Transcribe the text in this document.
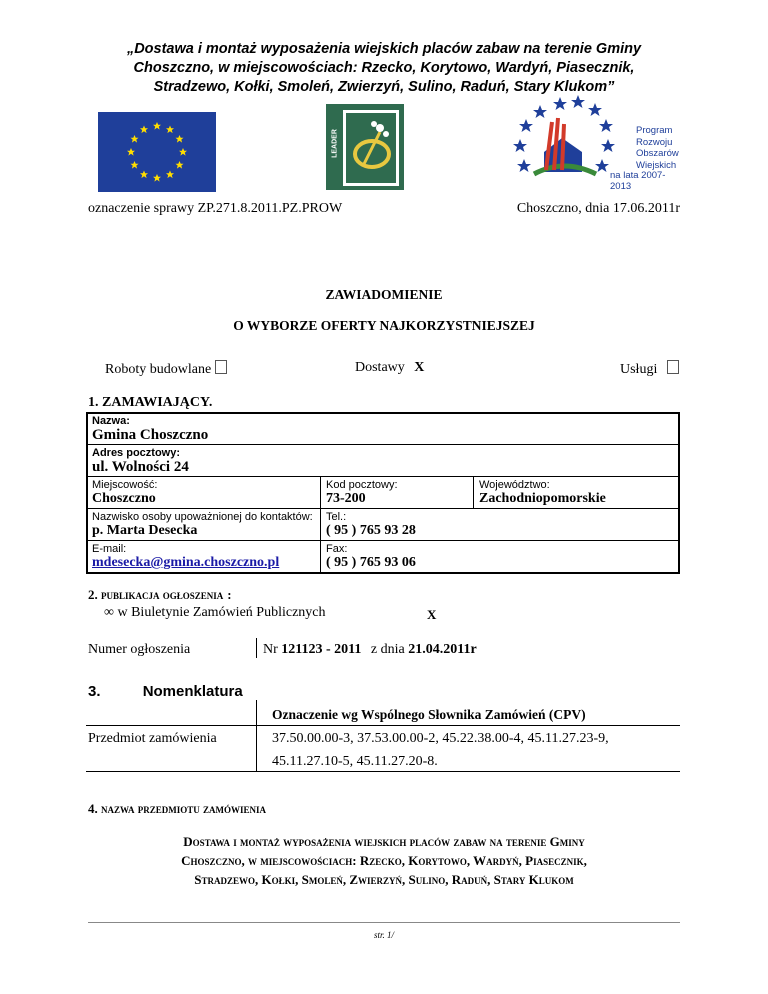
„Dostawa i montaż wyposażenia wiejskich placów zabaw na terenie Gminy
Choszczno, w miejscowościach: Rzecko, Korytowo, Wardyń, Piasecznik,
Stradzewo, Kołki, Smoleń, Zwierzyń, Sulino, Raduń, Stary Klukom”
LEADER	Program
Rozwoju
Obszarów
Wiejskich
na lata 2007-2013
oznaczenie sprawy ZP.271.8.2011.PZ.PROW	Choszczno, dnia 17.06.2011r
ZAWIADOMIENIE
O WYBORZE OFERTY NAJKORZYSTNIEJSZEJ
Roboty budowlane	Dostawy X	Usługi
1. ZAMAWIAJĄCY.
Nazwa:
Gmina Choszczno
Adres pocztowy:
ul. Wolności 24
Miejscowość:
Choszczno
Kod pocztowy:
73-200
Województwo:
Zachodniopomorskie
Nazwisko osoby upoważnionej do kontaktów:
p. Marta Desecka
Tel.:
( 95 ) 765 93 28
E-mail:
mdesecka@gmina.choszczno.pl
Fax:
( 95 ) 765 93 06
2. publikacja ogłoszenia :
∞ w Biuletynie Zamówień Publicznych	X
Numer ogłoszenia	Nr 121123 - 2011 z dnia 21.04.2011r
3.	Nomenklatura
Oznaczenie wg Wspólnego Słownika Zamówień (CPV)
Przedmiot zamówienia	37.50.00.00-3, 37.53.00.00-2, 45.22.38.00-4, 45.11.27.23-9,
45.11.27.10-5, 45.11.27.20-8.
4. nazwa przedmiotu zamówienia
Dostawa i montaż wyposażenia wiejskich placów zabaw na terenie Gminy
Choszczno, w miejscowościach: Rzecko, Korytowo, Wardyń, Piasecznik,
Stradzewo, Kołki, Smoleń, Zwierzyń, Sulino, Raduń, Stary Klukom
str. 1/
